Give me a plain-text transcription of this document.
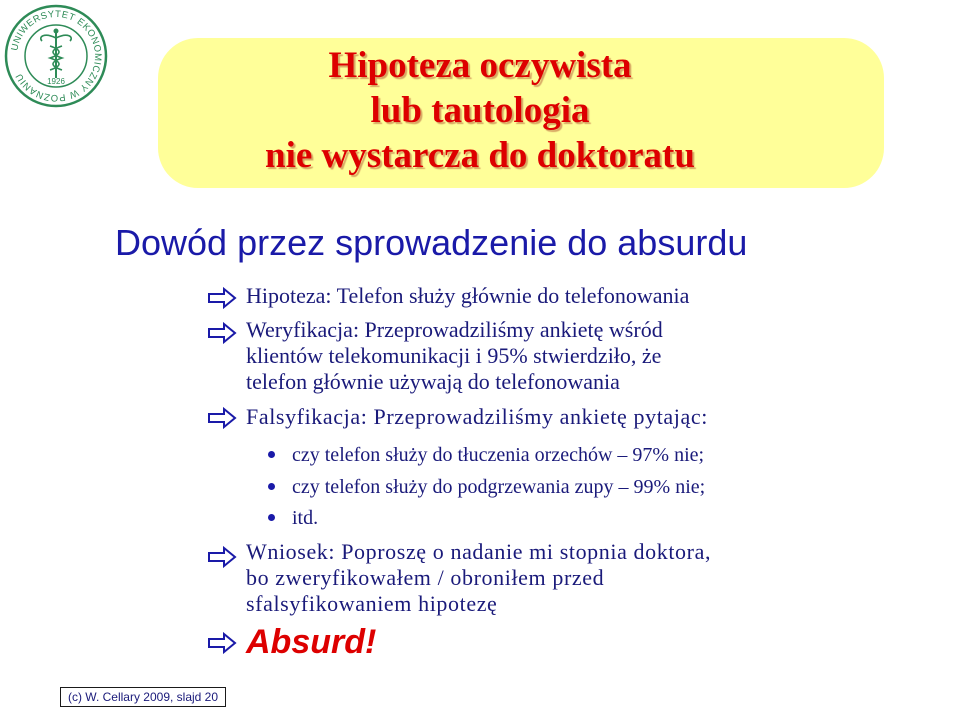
UNIWERSYTET EKONOMICZNY W POZNANIU	1926	Hipoteza oczywista
lub tautologia
nie wystarcza do doktoratu
Dowód przez sprowadzenie do absurdu

Hipoteza: Telefon służy głównie do telefonowania

Weryfikacja: Przeprowadziliśmy ankietę wśród
klientów telekomunikacji i 95% stwierdziło, że
telefon głównie używają do telefonowania

Falsyfikacja: Przeprowadziliśmy ankietę pytając:

czy telefon służy do tłuczenia orzechów – 97% nie;
czy telefon służy do podgrzewania zupy – 99% nie;
itd.

Wniosek: Poproszę o nadanie mi stopnia doktora,
bo zweryfikowałem / obroniłem przed
sfalsyfikowaniem hipotezę

Absurd!
(c) W. Cellary 2009, slajd 20
